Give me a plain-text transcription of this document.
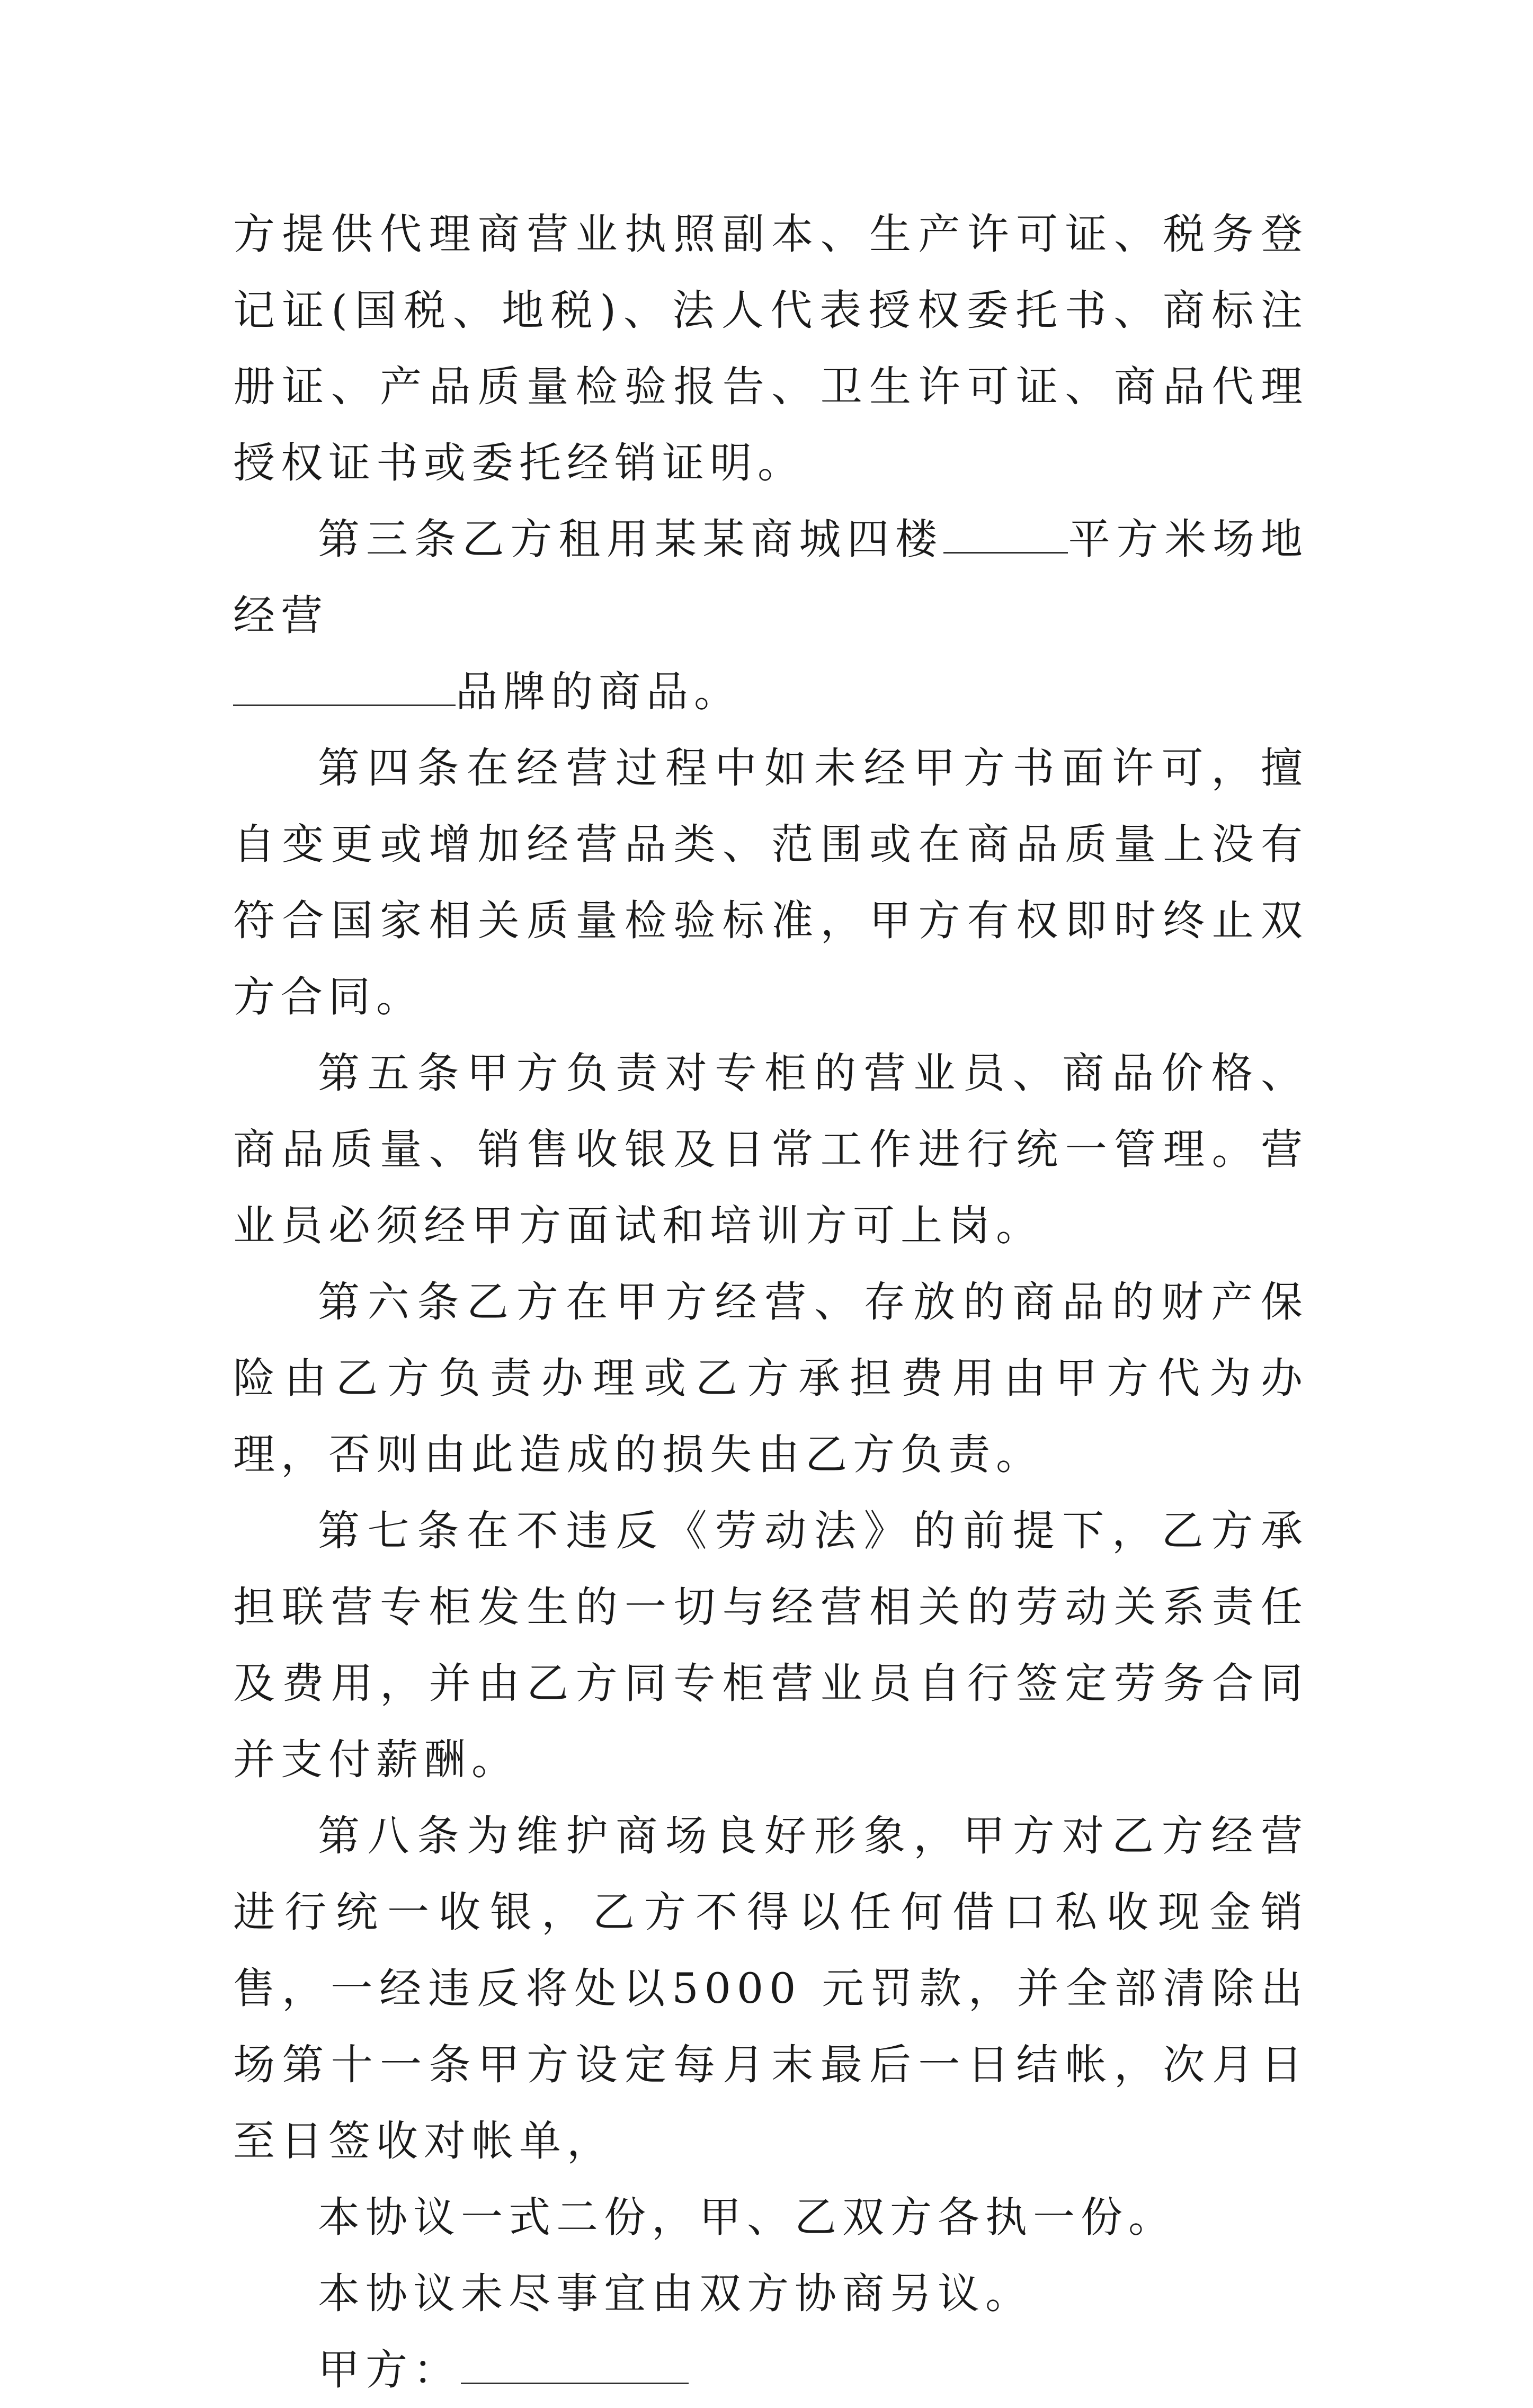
方提供代理商营业执照副本、生产许可证、税务登记证(国税、地税)、法人代表授权委托书、商标注册证、产品质量检验报告、卫生许可证、商品代理授权证书或委托经销证明。

第三条乙方租用某某商城四楼	平方米场地经营
品牌的商品。

第四条在经营过程中如未经甲方书面许可，擅自变更或增加经营品类、范围或在商品质量上没有符合国家相关质量检验标准，甲方有权即时终止双方合同。

第五条甲方负责对专柜的营业员、商品价格、商品质量、销售收银及日常工作进行统一管理。营业员必须经甲方面试和培训方可上岗。

第六条乙方在甲方经营、存放的商品的财产保险由乙方负责办理或乙方承担费用由甲方代为办理，否则由此造成的损失由乙方负责。

第七条在不违反《劳动法》的前提下，乙方承担联营专柜发生的一切与经营相关的劳动关系责任及费用，并由乙方同专柜营业员自行签定劳务合同并支付薪酬。

第八条为维护商场良好形象，甲方对乙方经营进行统一收银，乙方不得以任何借口私收现金销售，一经违反将处以5000 元罚款，并全部清除出场第十一条甲方设定每月末最后一日结帐，次月日至日签收对帐单，

本协议一式二份，甲、乙双方各执一份。

本协议未尽事宜由双方协商另议。

甲方：
